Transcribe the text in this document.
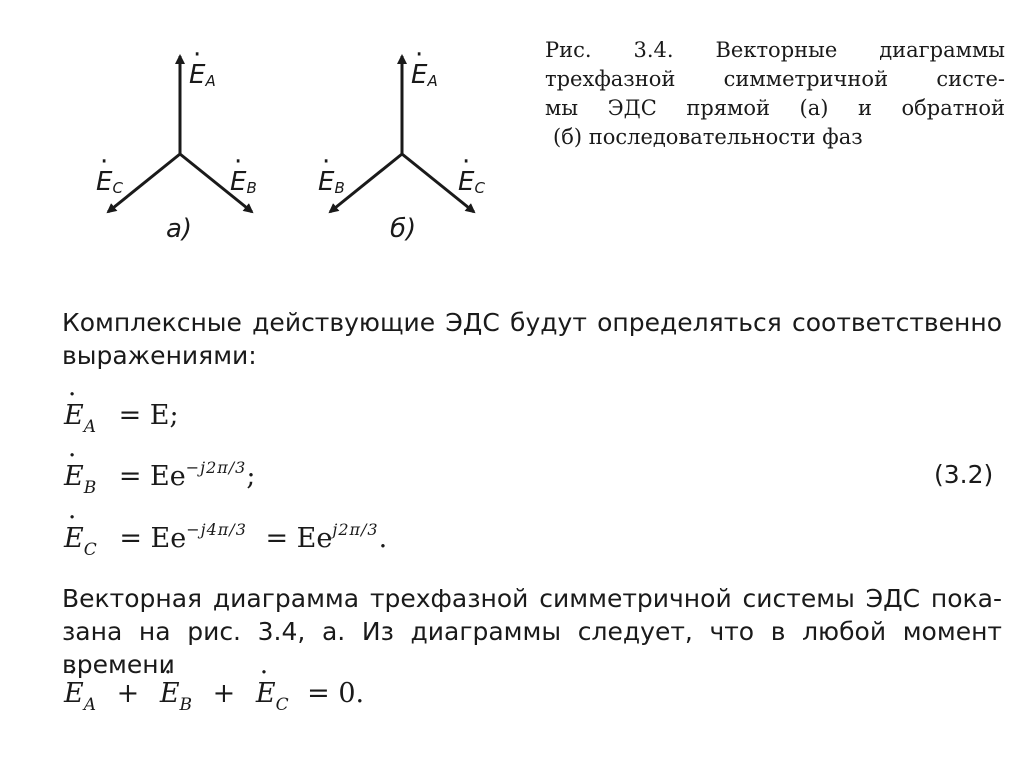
· $E_A$
· $E_C$	· $E_B$
а)
· $E_A$
· $E_B$	· $E_C$
б)
Рис. 3.4. Векторные диаграммы
трехфазной симметричной систе-
мы ЭДС прямой (а) и обратной
(б) последовательности фаз
Комплексные действующие ЭДС будут определяться соответственно
выражениями:
· $E_A = E$;
· $E_B = Ee^{-j2\pi/3}$;
· $E_C = Ee^{-j4\pi/3} = Ee^{j2\pi/3}$.
(3.2)
Векторная диаграмма трехфазной симметричной системы ЭДС пока-
зана на рис. 3.4, а. Из диаграммы следует, что в любой момент времени
· $E_A$ + · $E_B$ + · $E_C = 0$.
